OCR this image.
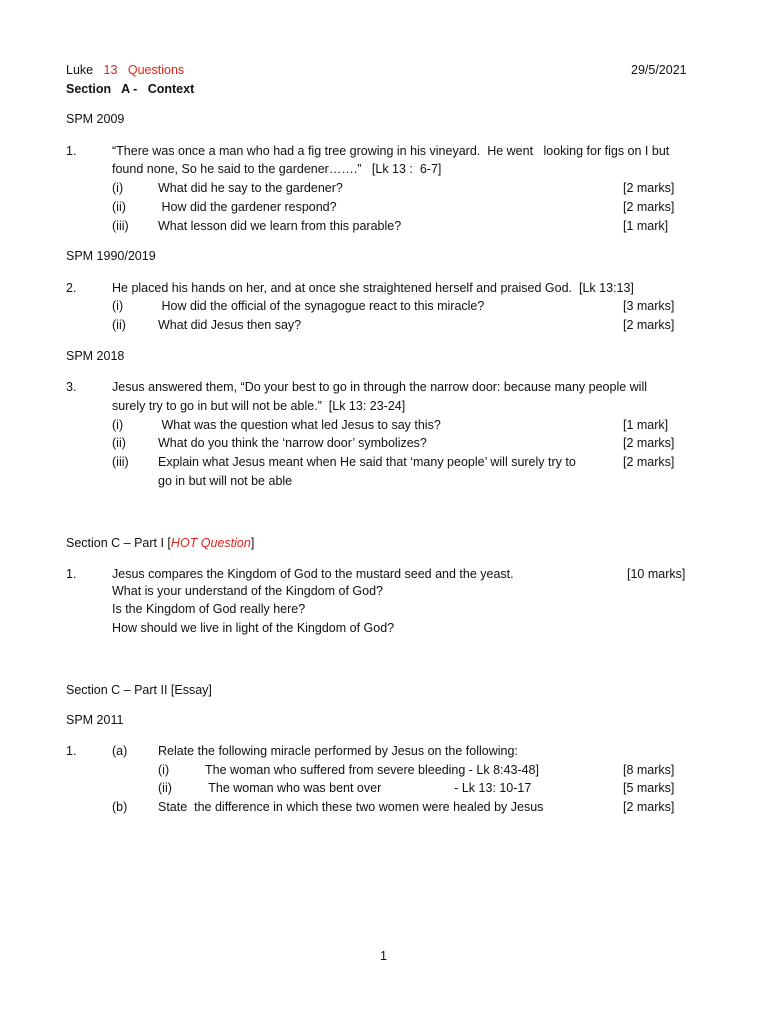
Luke 13 Questions	29/5/2021
Section   A -   Context
SPM 2009
1.	“There was once a man who had a fig tree growing in his vineyard.  He went   looking for figs on I but
found none, So he said to the gardener…….”   [Lk 13 :  6-7]
(i)	What did he say to the gardener?	[2 marks]
(ii)	How did the gardener respond?	[2 marks]
(iii) What lesson did we learn from this parable?	[1 mark]
SPM 1990/2019
2.	He placed his hands on her, and at once she straightened herself and praised God.  [Lk 13:13]
(i)	How did the official of the synagogue react to this miracle?	[3 marks]
(ii)	What did Jesus then say?	[2 marks]
SPM 2018
3.	Jesus answered them, “Do your best to go in through the narrow door: because many people will
surely try to go in but will not be able.”  [Lk 13: 23-24]
(i)	What was the question what led Jesus to say this?	[1 mark]
(ii)	What do you think the ‘narrow door’ symbolizes?	[2 marks]
(iii) Explain what Jesus meant when He said that ‘many people’ will surely try to	[2 marks]
go in but will not be able
Section C – Part I [HOT Question]
1.	Jesus compares the Kingdom of God to the mustard seed and the yeast.	[10 marks]
What is your understand of the Kingdom of God?
Is the Kingdom of God really here?
How should we live in light of the Kingdom of God?
Section C – Part II [Essay]
SPM 2011
1.	(a) Relate the following miracle performed by Jesus on the following:
(i)	The woman who suffered from severe bleeding - Lk 8:43-48]	[8 marks]
(ii)	The woman who was bent over                     - Lk 13: 10-17	[5 marks]
(b) State  the difference in which these two women were healed by Jesus	[2 marks]
1
